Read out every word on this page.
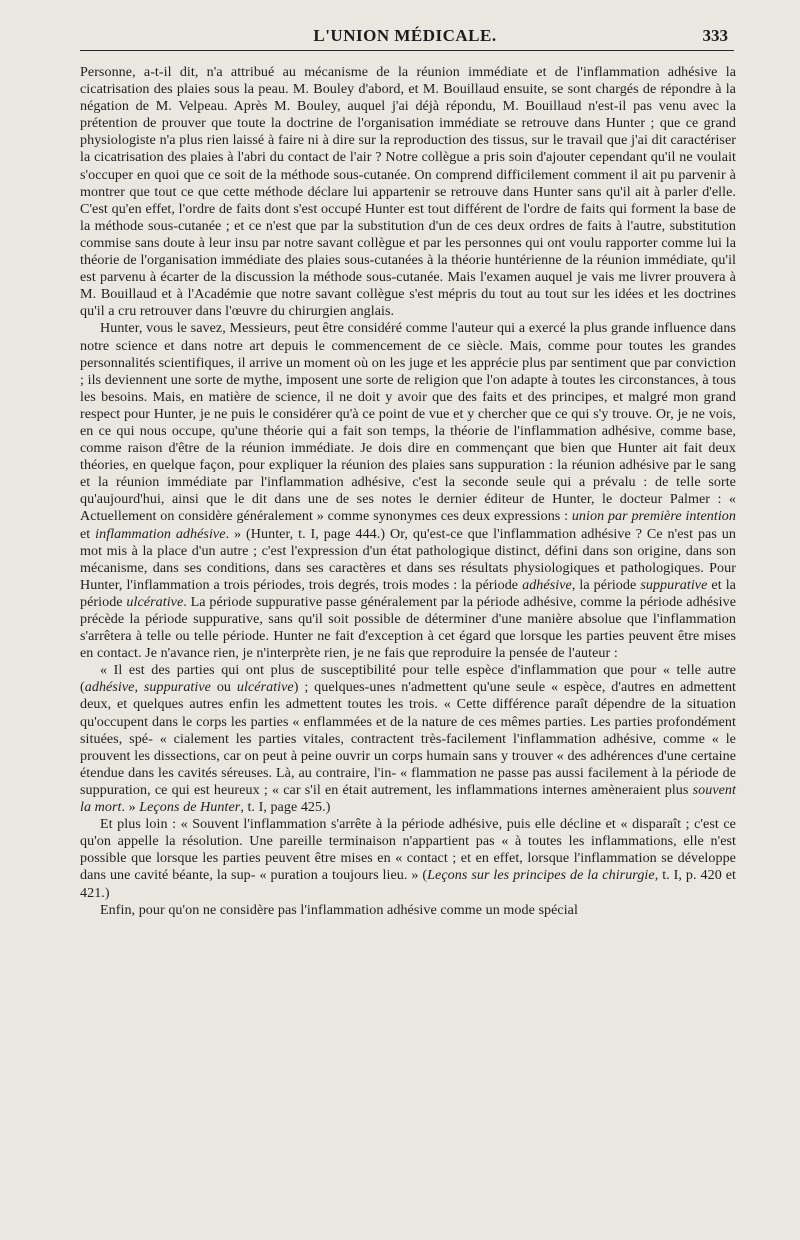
L'UNION MÉDICALE.	333

Personne, a-t-il dit, n'a attribué au mécanisme de la réunion immédiate et de l'inflammation adhésive la cicatrisation des plaies sous la peau. M. Bouley d'abord, et M. Bouillaud ensuite, se sont chargés de répondre à la négation de M. Velpeau. Après M. Bouley, auquel j'ai déjà répondu, M. Bouillaud n'est-il pas venu avec la prétention de prouver que toute la doctrine de l'organisation immédiate se retrouve dans Hunter ; que ce grand physiologiste n'a plus rien laissé à faire ni à dire sur la reproduction des tissus, sur le travail que j'ai dit caractériser la cicatrisation des plaies à l'abri du contact de l'air ? Notre collègue a pris soin d'ajouter cependant qu'il ne voulait s'occuper en quoi que ce soit de la méthode sous-cutanée. On comprend difficilement comment il ait pu parvenir à montrer que tout ce que cette méthode déclare lui appartenir se retrouve dans Hunter sans qu'il ait à parler d'elle. C'est qu'en effet, l'ordre de faits dont s'est occupé Hunter est tout différent de l'ordre de faits qui forment la base de la méthode sous-cutanée ; et ce n'est que par la substitution d'un de ces deux ordres de faits à l'autre, substitution commise sans doute à leur insu par notre savant collègue et par les personnes qui ont voulu rapporter comme lui la théorie de l'organisation immédiate des plaies sous-cutanées à la théorie huntérienne de la réunion immédiate, qu'il est parvenu à écarter de la discussion la méthode sous-cutanée. Mais l'examen auquel je vais me livrer prouvera à M. Bouillaud et à l'Académie que notre savant collègue s'est mépris du tout au tout sur les idées et les doctrines qu'il a cru retrouver dans l'œuvre du chirurgien anglais.

Hunter, vous le savez, Messieurs, peut être considéré comme l'auteur qui a exercé la plus grande influence dans notre science et dans notre art depuis le commencement de ce siècle. Mais, comme pour toutes les grandes personnalités scientifiques, il arrive un moment où on les juge et les apprécie plus par sentiment que par conviction ; ils deviennent une sorte de mythe, imposent une sorte de religion que l'on adapte à toutes les circonstances, à tous les besoins. Mais, en matière de science, il ne doit y avoir que des faits et des principes, et malgré mon grand respect pour Hunter, je ne puis le considérer qu'à ce point de vue et y chercher que ce qui s'y trouve. Or, je ne vois, en ce qui nous occupe, qu'une théorie qui a fait son temps, la théorie de l'inflammation adhésive, comme base, comme raison d'être de la réunion immédiate. Je dois dire en commençant que bien que Hunter ait fait deux théories, en quelque façon, pour expliquer la réunion des plaies sans suppuration : la réunion adhésive par le sang et la réunion immédiate par l'inflammation adhésive, c'est la seconde seule qui a prévalu : de telle sorte qu'aujourd'hui, ainsi que le dit dans une de ses notes le dernier éditeur de Hunter, le docteur Palmer : « Actuellement on considère généralement » comme synonymes ces deux expressions : union par première intention et inflammation adhésive. » (Hunter, t. I, page 444.) Or, qu'est-ce que l'inflammation adhésive ? Ce n'est pas un mot mis à la place d'un autre ; c'est l'expression d'un état pathologique distinct, défini dans son origine, dans son mécanisme, dans ses conditions, dans ses caractères et dans ses résultats physiologiques et pathologiques. Pour Hunter, l'inflammation a trois périodes, trois degrés, trois modes : la période adhésive, la période suppurative et la période ulcérative. La période suppurative passe généralement par la période adhésive, comme la période adhésive précède la période suppurative, sans qu'il soit possible de déterminer d'une manière absolue que l'inflammation s'arrêtera à telle ou telle période. Hunter ne fait d'exception à cet égard que lorsque les parties peuvent être mises en contact. Je n'avance rien, je n'interprète rien, je ne fais que reproduire la pensée de l'auteur :

« Il est des parties qui ont plus de susceptibilité pour telle espèce d'inflammation que pour « telle autre (adhésive, suppurative ou ulcérative) ; quelques-unes n'admettent qu'une seule « espèce, d'autres en admettent deux, et quelques autres enfin les admettent toutes les trois. « Cette différence paraît dépendre de la situation qu'occupent dans le corps les parties « enflammées et de la nature de ces mêmes parties. Les parties profondément situées, spé- « cialement les parties vitales, contractent très-facilement l'inflammation adhésive, comme « le prouvent les dissections, car on peut à peine ouvrir un corps humain sans y trouver « des adhérences d'une certaine étendue dans les cavités séreuses. Là, au contraire, l'in- « flammation ne passe pas aussi facilement à la période de suppuration, ce qui est heureux ; « car s'il en était autrement, les inflammations internes amèneraient plus souvent la mort. » Leçons de Hunter, t. I, page 425.)

Et plus loin : « Souvent l'inflammation s'arrête à la période adhésive, puis elle décline et « disparaît ; c'est ce qu'on appelle la résolution. Une pareille terminaison n'appartient pas « à toutes les inflammations, elle n'est possible que lorsque les parties peuvent être mises en « contact ; et en effet, lorsque l'inflammation se développe dans une cavité béante, la sup- « puration a toujours lieu. » (Leçons sur les principes de la chirurgie, t. I, p. 420 et 421.)

Enfin, pour qu'on ne considère pas l'inflammation adhésive comme un mode spécial
